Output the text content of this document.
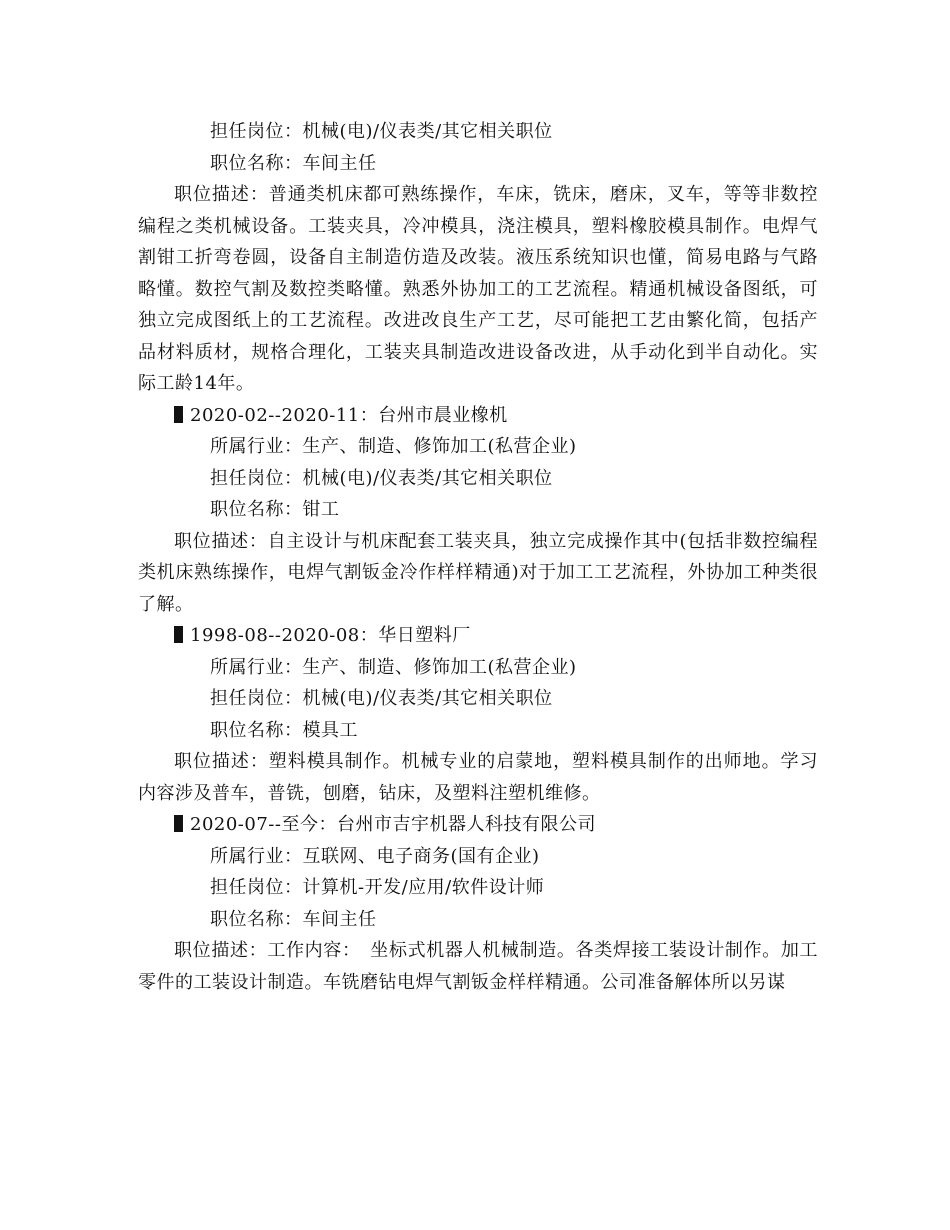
担任岗位：机械(电)/仪表类/其它相关职位

职位名称：车间主任

职位描述：普通类机床都可熟练操作，车床，铣床，磨床，叉车，等等非数控编程之类机械设备。工装夹具，冷冲模具，浇注模具，塑料橡胶模具制作。电焊气割钳工折弯卷圆，设备自主制造仿造及改装。液压系统知识也懂，简易电路与气路略懂。数控气割及数控类略懂。熟悉外协加工的工艺流程。精通机械设备图纸，可独立完成图纸上的工艺流程。改进改良生产工艺，尽可能把工艺由繁化简，包括产品材料质材，规格合理化，工装夹具制造改进设备改进，从手动化到半自动化。实际工龄14年。

2020-02--2020-11：台州市晨业橡机

所属行业：生产、制造、修饰加工(私营企业)

担任岗位：机械(电)/仪表类/其它相关职位

职位名称：钳工

职位描述：自主设计与机床配套工装夹具，独立完成操作其中(包括非数控编程类机床熟练操作，电焊气割钣金冷作样样精通)对于加工工艺流程，外协加工种类很了解。

1998-08--2020-08：华日塑料厂

所属行业：生产、制造、修饰加工(私营企业)

担任岗位：机械(电)/仪表类/其它相关职位

职位名称：模具工

职位描述：塑料模具制作。机械专业的启蒙地，塑料模具制作的出师地。学习内容涉及普车，普铣，刨磨，钻床，及塑料注塑机维修。

2020-07--至今：台州市吉宇机器人科技有限公司

所属行业：互联网、电子商务(国有企业)

担任岗位：计算机-开发/应用/软件设计师

职位名称：车间主任

职位描述：工作内容：　坐标式机器人机械制造。各类焊接工装设计制作。加工零件的工装设计制造。车铣磨钻电焊气割钣金样样精通。公司准备解体所以另谋
